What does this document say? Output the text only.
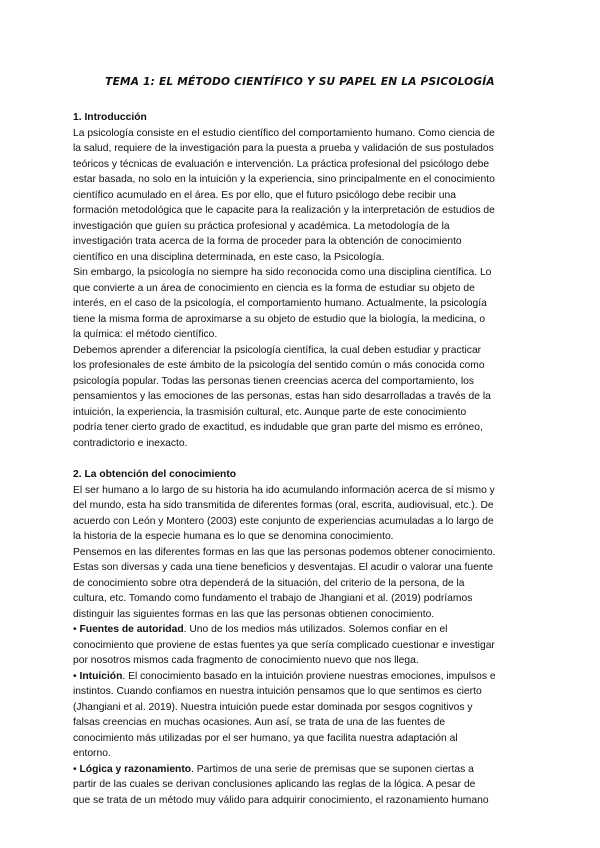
TEMA 1: EL MÉTODO CIENTÍFICO Y SU PAPEL EN LA PSICOLOGÍA

1. Introducción

La psicología consiste en el estudio científico del comportamiento humano. Como ciencia de
la salud, requiere de la investigación para la puesta a prueba y validación de sus postulados
teóricos y técnicas de evaluación e intervención. La práctica profesional del psicólogo debe
estar basada, no solo en la intuición y la experiencia, sino principalmente en el conocimiento
científico acumulado en el área. Es por ello, que el futuro psicólogo debe recibir una
formación metodológica que le capacite para la realización y la interpretación de estudios de
investigación que guíen su práctica profesional y académica. La metodología de la
investigación trata acerca de la forma de proceder para la obtención de conocimiento
científico en una disciplina determinada, en este caso, la Psicología.

Sin embargo, la psicología no siempre ha sido reconocida como una disciplina científica. Lo
que convierte a un área de conocimiento en ciencia es la forma de estudiar su objeto de
interés, en el caso de la psicología, el comportamiento humano. Actualmente, la psicología
tiene la misma forma de aproximarse a su objeto de estudio que la biología, la medicina, o
la química: el método científico.

Debemos aprender a diferenciar la psicología científica, la cual deben estudiar y practicar
los profesionales de este ámbito de la psicología del sentido común o más conocida como
psicología popular. Todas las personas tienen creencias acerca del comportamiento, los
pensamientos y las emociones de las personas, estas han sido desarrolladas a través de la
intuición, la experiencia, la trasmisión cultural, etc. Aunque parte de este conocimiento
podría tener cierto grado de exactitud, es indudable que gran parte del mismo es erróneo,
contradictorio e inexacto.

2. La obtención del conocimiento

El ser humano a lo largo de su historia ha ido acumulando información acerca de sí mismo y
del mundo, esta ha sido transmitida de diferentes formas (oral, escrita, audiovisual, etc.). De
acuerdo con León y Montero (2003) este conjunto de experiencias acumuladas a lo largo de
la historia de la especie humana es lo que se denomina conocimiento.

Pensemos en las diferentes formas en las que las personas podemos obtener conocimiento.
Estas son diversas y cada una tiene beneficios y desventajas. El acudir o valorar una fuente
de conocimiento sobre otra dependerá de la situación, del criterio de la persona, de la
cultura, etc. Tomando como fundamento el trabajo de Jhangiani et al. (2019) podríamos
distinguir las siguientes formas en las que las personas obtienen conocimiento.

• Fuentes de autoridad. Uno de los medios más utilizados. Solemos confiar en el
conocimiento que proviene de estas fuentes ya que sería complicado cuestionar e investigar
por nosotros mismos cada fragmento de conocimiento nuevo que nos llega.

• Intuición. El conocimiento basado en la intuición proviene nuestras emociones, impulsos e
instintos. Cuando confiamos en nuestra intuición pensamos que lo que sentimos es cierto
(Jhangiani et al. 2019). Nuestra intuición puede estar dominada por sesgos cognitivos y
falsas creencias en muchas ocasiones. Aun así, se trata de una de las fuentes de
conocimiento más utilizadas por el ser humano, ya que facilita nuestra adaptación al
entorno.

• Lógica y razonamiento. Partimos de una serie de premisas que se suponen ciertas a
partir de las cuales se derivan conclusiones aplicando las reglas de la lógica. A pesar de
que se trata de un método muy válido para adquirir conocimiento, el razonamiento humano
